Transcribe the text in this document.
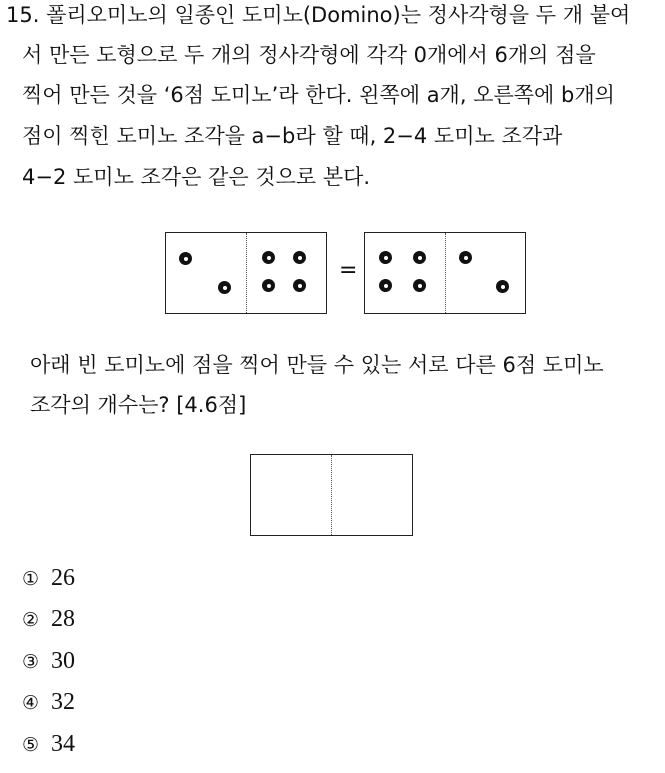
15. 폴리오미노의 일종인 도미노(Domino)는 정사각형을 두 개 붙여
서 만든 도형으로 두 개의 정사각형에 각각 0개에서 6개의 점을
찍어 만든 것을 ‘6점 도미노’라 한다. 왼쪽에 a개, 오른쪽에 b개의
점이 찍힌 도미노 조각을 a−b라 할 때, 2−4 도미노 조각과
4−2 도미노 조각은 같은 것으로 본다.
=
아래 빈 도미노에 점을 찍어 만들 수 있는 서로 다른 6점 도미노
조각의 개수는? [4.6점]
① 26
② 28
③ 30
④ 32
⑤ 34
